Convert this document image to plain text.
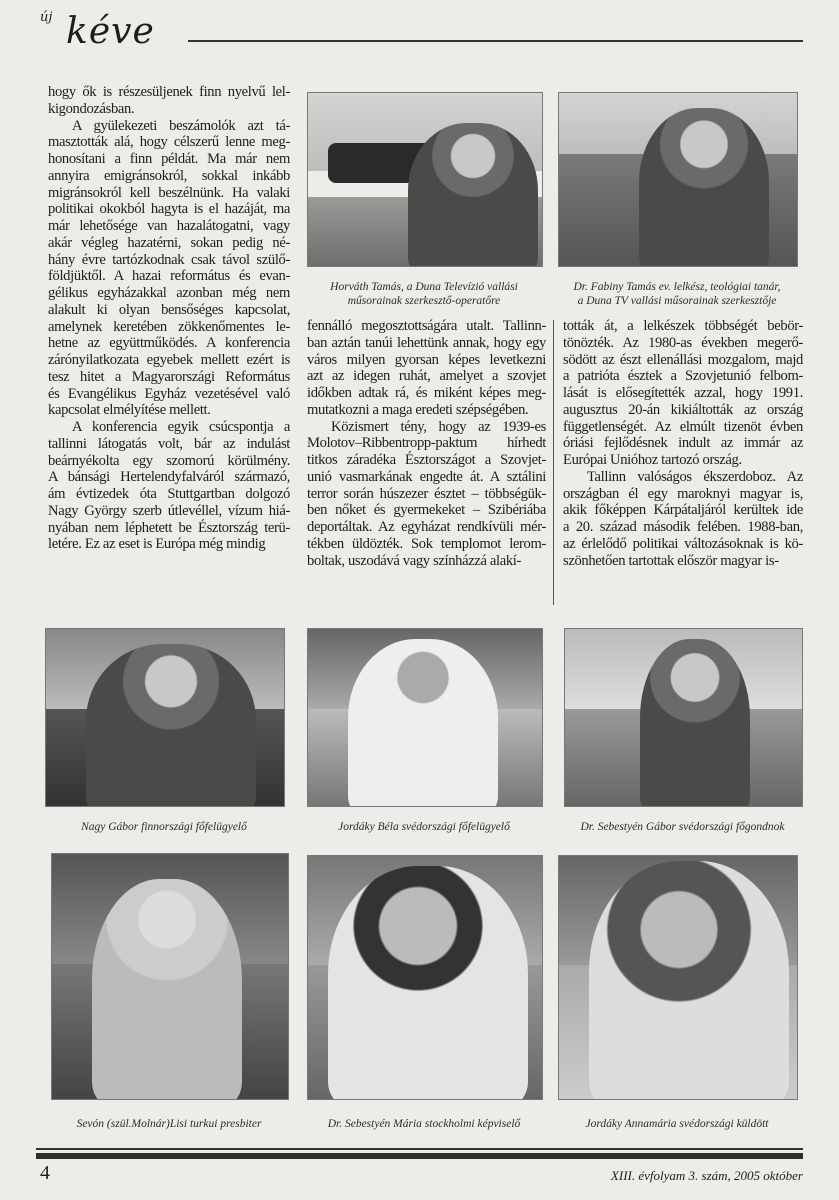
új kéve
hogy ők is részesüljenek finn nyelvű lel-
kigondozásban.
A gyülekezeti beszámolók azt tá-
masztották alá, hogy célszerű lenne meg-
honosítani a finn példát. Ma már nem
annyira emigránsokról, sokkal inkább
migránsokról kell beszélnünk. Ha valaki
politikai okokból hagyta is el hazáját, ma
már lehetősége van hazalátogatni, vagy
akár végleg hazatérni, sokan pedig né-
hány évre tartózkodnak csak távol szülő-
földjüktől. A hazai református és evan-
gélikus egyházakkal azonban még nem
alakult ki olyan bensőséges kapcsolat,
amelynek keretében zökkenőmentes le-
hetne az együttműködés. A konferencia
zárónyilatkozata egyebek mellett ezért is
tesz hitet a Magyarországi Református
és Evangélikus Egyház vezetésével való
kapcsolat elmélyítése mellett.
A konferencia egyik csúcspontja a
tallinni látogatás volt, bár az indulást
beárnyékolta egy szomorú körülmény.
A bánsági Hertelendyfalváról származó,
ám évtizedek óta Stuttgartban dolgozó
Nagy György szerb útlevéllel, vízum hiá-
nyában nem léphetett be Észtország terü-
letére. Ez az eset is Európa még mindig
fennálló megosztottságára utalt. Tallinn-
ban aztán tanúi lehettünk annak, hogy egy
város milyen gyorsan képes levetkezni
azt az idegen ruhát, amelyet a szovjet
időkben adtak rá, és miként képes meg-
mutatkozni a maga eredeti szépségében.
Közismert tény, hogy az 1939-es
Molotov–Ribbentropp-paktum hírhedt
titkos záradéka Észtországot a Szovjet-
unió vasmarkának engedte át. A sztálini
terror során húszezer észtet – többségük-
ben nőket és gyermekeket – Szibériába
deportáltak. Az egyházat rendkívüli mér-
tékben üldözték. Sok templomot lerom-
boltak, uszodává vagy színházzá alakí-
tották át, a lelkészek többségét bebör-
tönözték. Az 1980-as években megerő-
södött az észt ellenállási mozgalom, majd
a patrióta észtek a Szovjetunió felbom-
lását is elősegítették azzal, hogy 1991.
augusztus 20-án kikiáltották az ország
függetlenségét. Az elmúlt tizenöt évben
óriási fejlődésnek indult az immár az
Európai Unióhoz tartozó ország.
Tallinn valóságos ékszerdoboz. Az
országban él egy maroknyi magyar is,
akik főképpen Kárpátaljáról kerültek ide
a 20. század második felében. 1988-ban,
az érlelődő politikai változásoknak is kö-
szönhetően tartottak először magyar is-
Horváth Tamás, a Duna Televízió vallási
műsorainak szerkesztő-operatőre
Dr. Fabiny Tamás ev. lelkész, teológiai tanár,
a Duna TV vallási műsorainak szerkesztője
Nagy Gábor finnországi főfelügyelő	Jordáky Béla svédországi főfelügyelő	Dr. Sebestyén Gábor svédországi főgondnok
Sevón (szül.Molnár)Lisi turkui presbiter	Dr. Sebestyén Mária stockholmi képviselő	Jordáky Annamária svédországi küldött
4	XIII. évfolyam 3. szám, 2005 október
